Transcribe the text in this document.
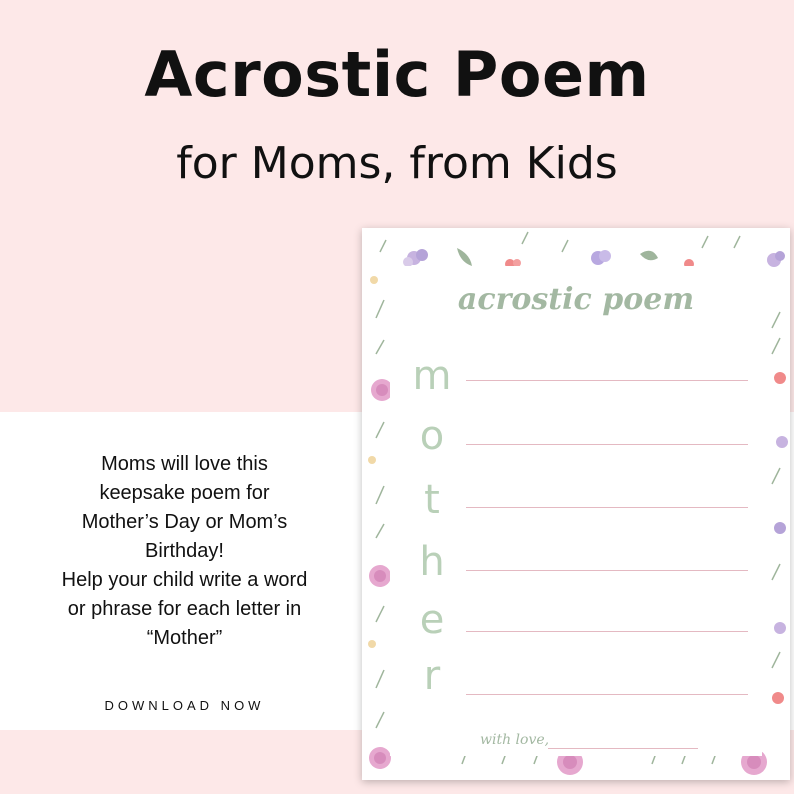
Acrostic Poem
for Moms, from Kids
Moms will love this
keepsake poem for
Mother’s Day or Mom’s
Birthday!
Help your child write a word
or phrase for each letter in
“Mother”
DOWNLOAD NOW
acrostic poem
m
o
t
h
e
r
with love,
